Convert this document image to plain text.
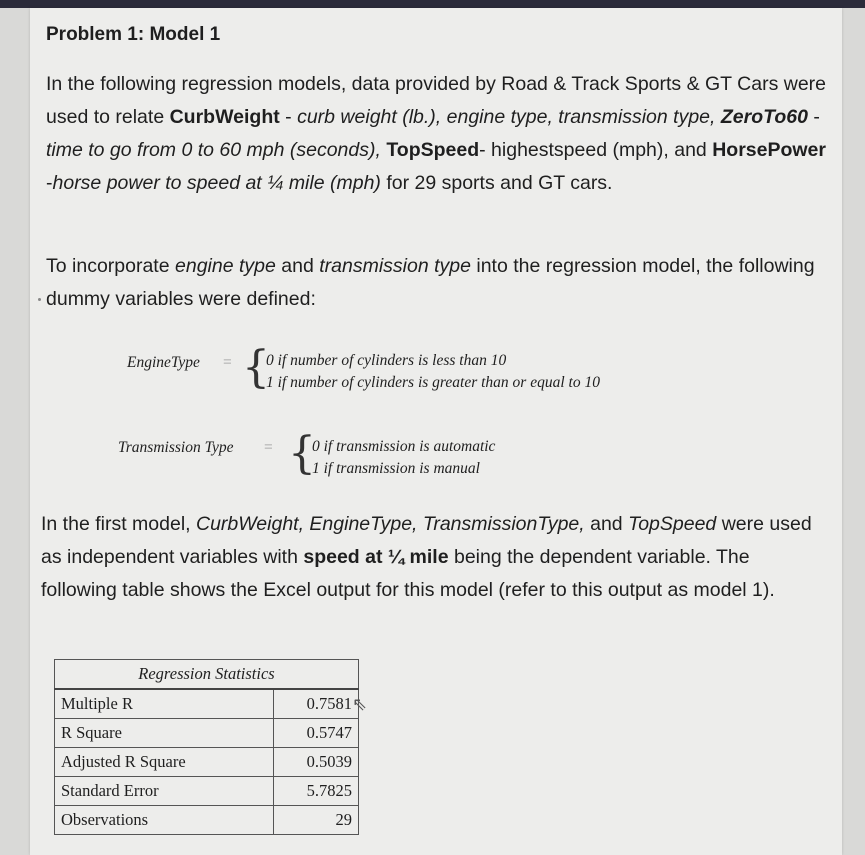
Problem 1: Model 1
In the following regression models, data provided by Road & Track Sports & GT Cars were used to relate CurbWeight - curb weight (lb.), engine type, transmission type, ZeroTo60 - time to go from 0 to 60 mph (seconds), TopSpeed- highestspeed (mph), and HorsePower -horse power to speed at ¼ mile (mph) for 29 sports and GT cars.
To incorporate engine type and transmission type into the regression model, the following dummy variables were defined:
EngineType = {
0 if number of cylinders is less than 10
1 if number of cylinders is greater than or equal to 10
Transmission Type = {
0 if transmission is automatic
1 if transmission is manual
In the first model, CurbWeight, EngineType, TransmissionType, and TopSpeed were used as independent variables with speed at ¼ mile being the dependent variable. The following table shows the Excel output for this model (refer to this output as model 1).
Regression Statistics	
Multiple R	0.7581
R Square	0.5747
Adjusted R Square	0.5039
Standard Error	5.7825
Observations	29
⇖
